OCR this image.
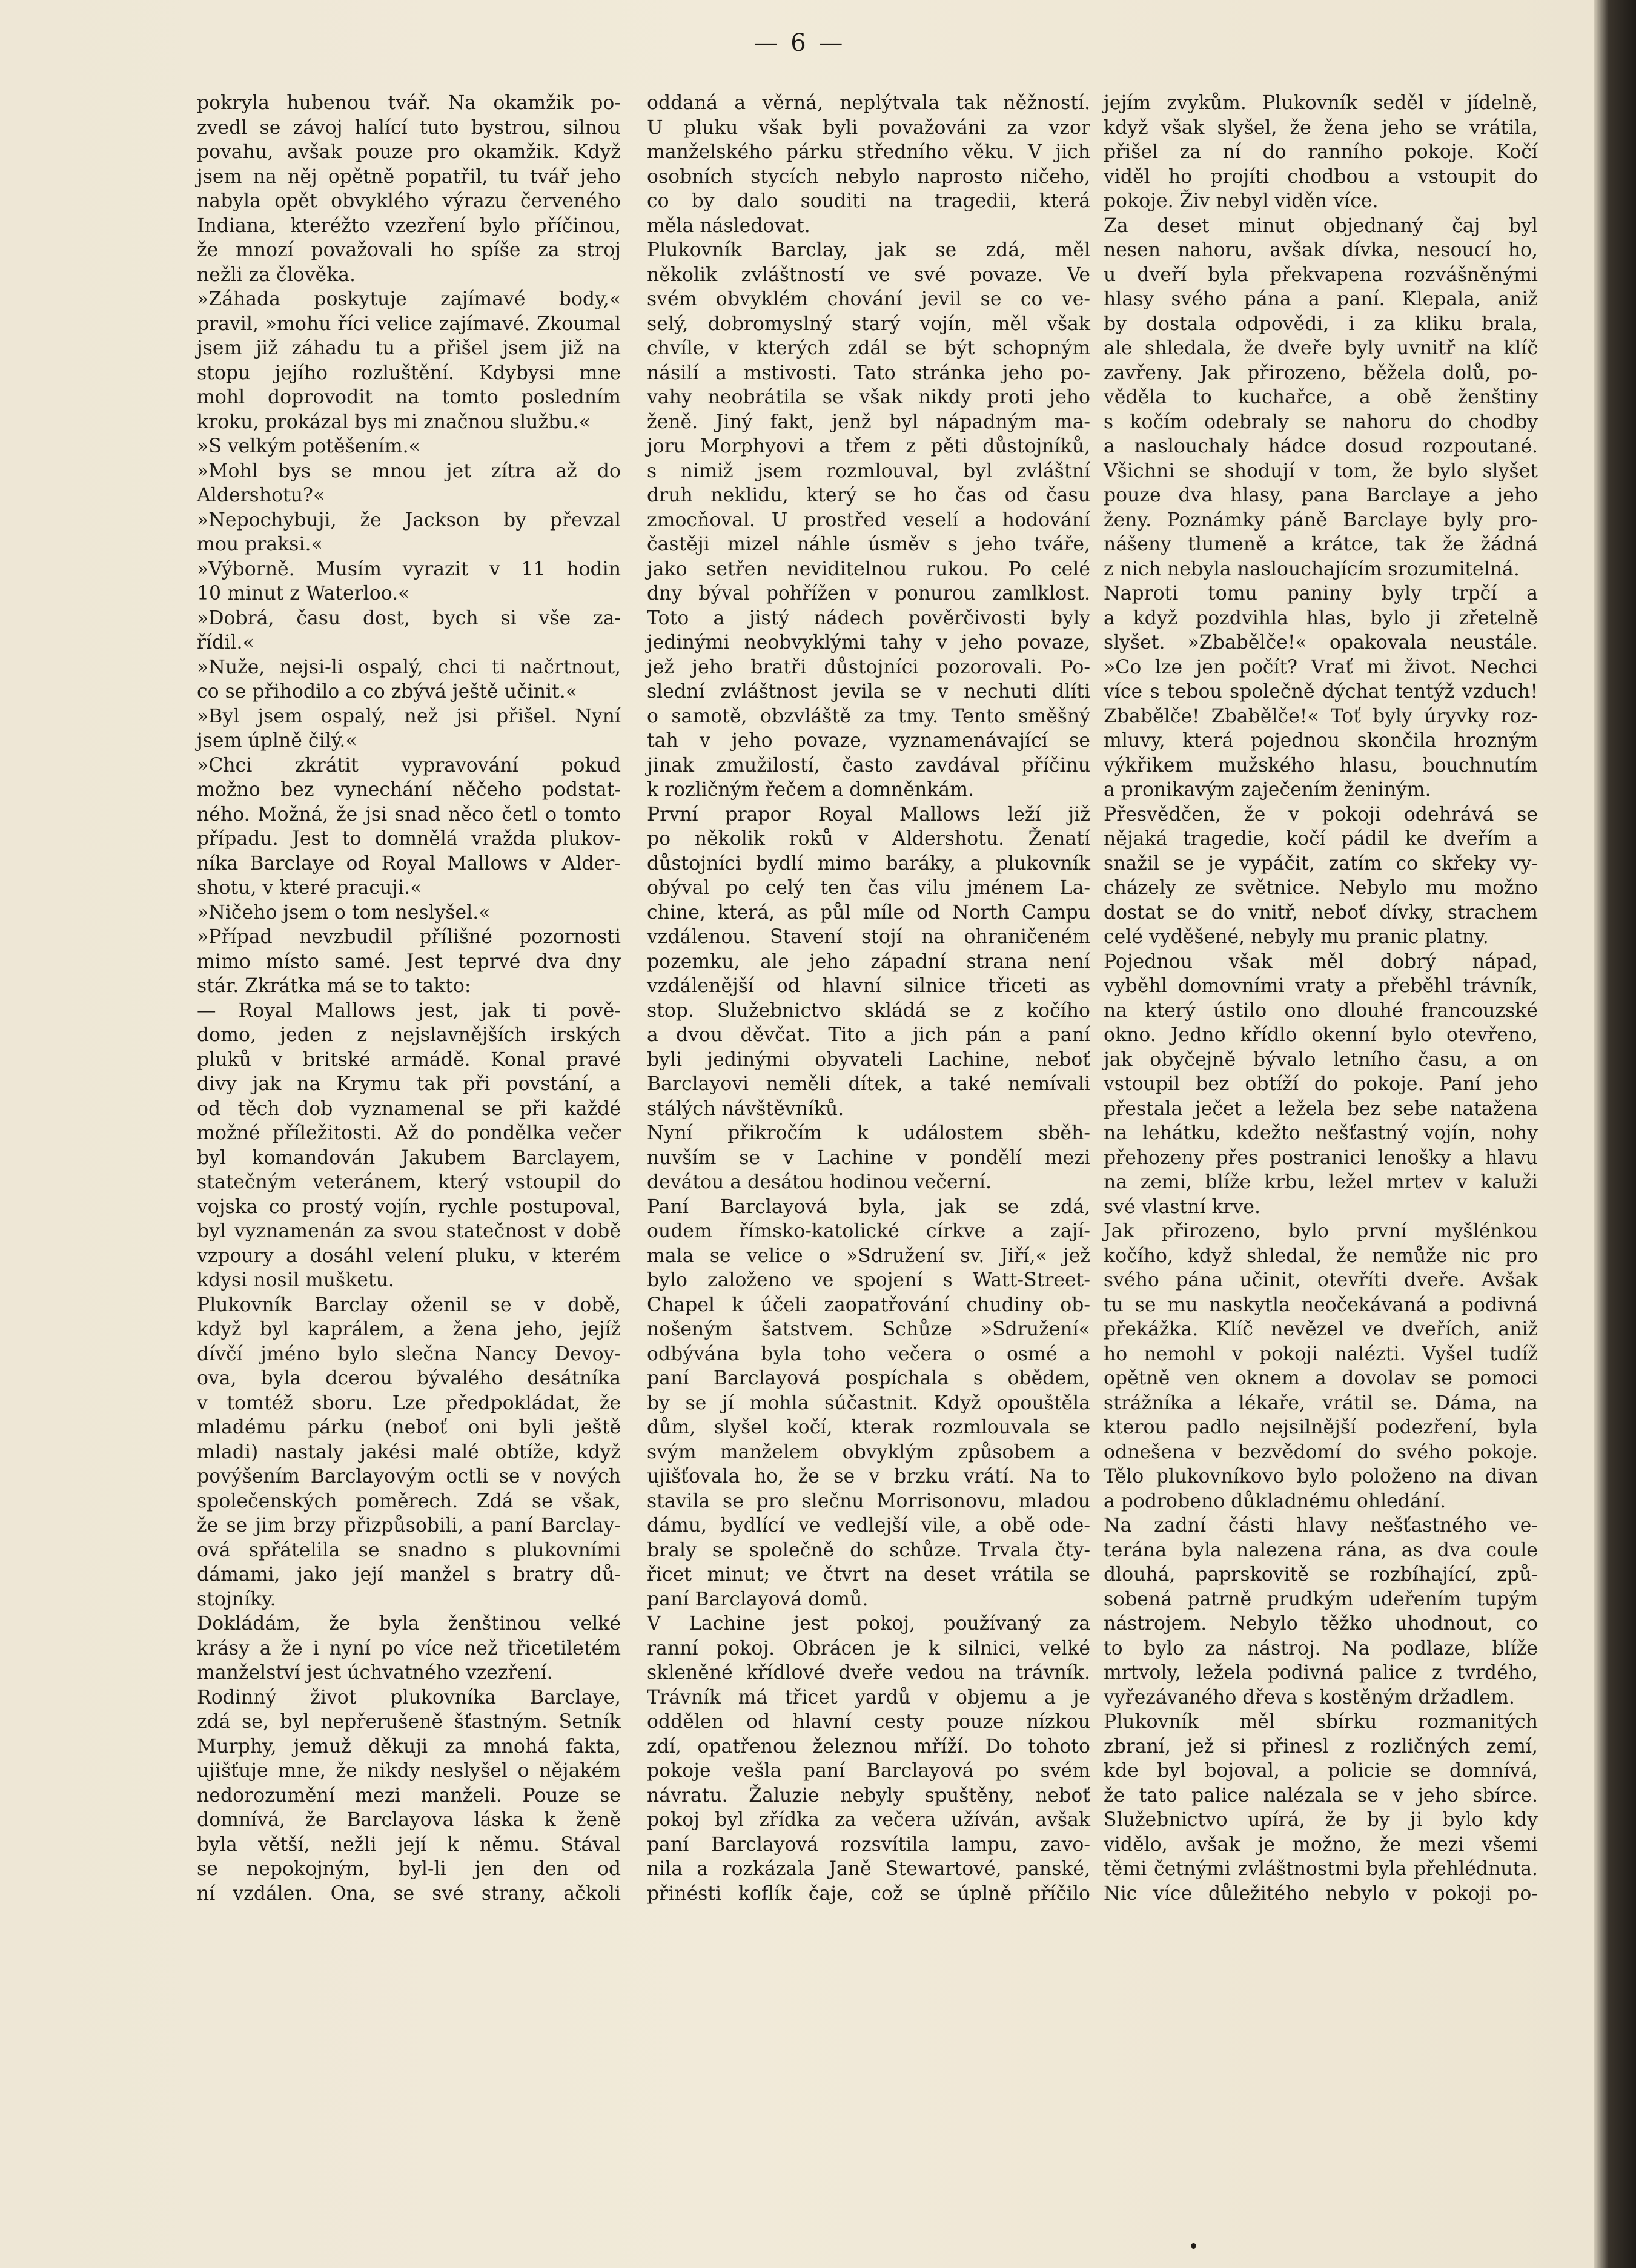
— 6 —
pokryla hubenou tvář. Na okamžik po-
zvedl se závoj halící tuto bystrou, silnou
povahu, avšak pouze pro okamžik. Když
jsem na něj opětně popatřil, tu tvář jeho
nabyla opět obvyklého výrazu červeného
Indiana, kteréžto vzezření bylo příčinou,
že mnozí považovali ho spíše za stroj
nežli za člověka.
»Záhada poskytuje zajímavé body,«
pravil, »mohu říci velice zajímavé. Zkoumal
jsem již záhadu tu a přišel jsem již na
stopu jejího rozluštění. Kdybysi mne
mohl doprovodit na tomto posledním
kroku, prokázal bys mi značnou službu.«
»S velkým potěšením.«
»Mohl bys se mnou jet zítra až do
Aldershotu?«
»Nepochybuji, že Jackson by převzal
mou praksi.«
»Výborně. Musím vyrazit v 11 hodin
10 minut z Waterloo.«
»Dobrá, času dost, bych si vše za-
řídil.«
»Nuže, nejsi-li ospalý, chci ti načrtnout,
co se přihodilo a co zbývá ještě učinit.«
»Byl jsem ospalý, než jsi přišel. Nyní
jsem úplně čilý.«
»Chci zkrátit vypravování pokud
možno bez vynechání něčeho podstat-
ného. Možná, že jsi snad něco četl o tomto
případu. Jest to domnělá vražda plukov-
níka Barclaye od Royal Mallows v Alder-
shotu, v které pracuji.«
»Ničeho jsem o tom neslyšel.«
»Případ nevzbudil přílišné pozornosti
mimo místo samé. Jest teprvé dva dny
stár. Zkrátka má se to takto:
— Royal Mallows jest, jak ti pově-
domo, jeden z nejslavnějších irských
pluků v britské armádě. Konal pravé
divy jak na Krymu tak při povstání, a
od těch dob vyznamenal se při každé
možné příležitosti. Až do pondělka večer
byl komandován Jakubem Barclayem,
statečným veteránem, který vstoupil do
vojska co prostý vojín, rychle postupoval,
byl vyznamenán za svou statečnost v době
vzpoury a dosáhl velení pluku, v kterém
kdysi nosil mušketu.
Plukovník Barclay oženil se v době,
když byl kaprálem, a žena jeho, jejíž
dívčí jméno bylo slečna Nancy Devoy-
ova, byla dcerou bývalého desátníka
v tomtéž sboru. Lze předpokládat, že
mladému párku (neboť oni byli ještě
mladi) nastaly jakési malé obtíže, když
povýšením Barclayovým octli se v nových
společenských poměrech. Zdá se však,
že se jim brzy přizpůsobili, a paní Barclay-
ová spřátelila se snadno s plukovními
dámami, jako její manžel s bratry dů-
stojníky.
Dokládám, že byla ženštinou velké
krásy a že i nyní po více než třicetiletém
manželství jest úchvatného vzezření.
Rodinný život plukovníka Barclaye,
zdá se, byl nepřerušeně šťastným. Setník
Murphy, jemuž děkuji za mnohá fakta,
ujišťuje mne, že nikdy neslyšel o nějakém
nedorozumění mezi manželi. Pouze se
domnívá, že Barclayova láska k ženě
byla větší, nežli její k němu. Stával
se nepokojným, byl-li jen den od
ní vzdálen. Ona, se své strany, ačkoli
oddaná a věrná, neplýtvala tak něžností.
U pluku však byli považováni za vzor
manželského párku středního věku. V jich
osobních stycích nebylo naprosto ničeho,
co by dalo souditi na tragedii, která
měla následovat.
Plukovník Barclay, jak se zdá, měl
několik zvláštností ve své povaze. Ve
svém obvyklém chování jevil se co ve-
selý, dobromyslný starý vojín, měl však
chvíle, v kterých zdál se být schopným
násilí a mstivosti. Tato stránka jeho po-
vahy neobrátila se však nikdy proti jeho
ženě. Jiný fakt, jenž byl nápadným ma-
joru Morphyovi a třem z pěti důstojníků,
s nimiž jsem rozmlouval, byl zvláštní
druh neklidu, který se ho čas od času
zmocňoval. U prostřed veselí a hodování
častěji mizel náhle úsměv s jeho tváře,
jako setřen neviditelnou rukou. Po celé
dny býval pohřížen v ponurou zamlklost.
Toto a jistý nádech pověrčivosti byly
jedinými neobvyklými tahy v jeho povaze,
jež jeho bratři důstojníci pozorovali. Po-
slední zvláštnost jevila se v nechuti dlíti
o samotě, obzvláště za tmy. Tento směšný
tah v jeho povaze, vyznamenávající se
jinak zmužilostí, často zavdával příčinu
k rozličným řečem a domněnkám.
První prapor Royal Mallows leží již
po několik roků v Aldershotu. Ženatí
důstojníci bydlí mimo baráky, a plukovník
obýval po celý ten čas vilu jménem La-
chine, která, as půl míle od North Campu
vzdálenou. Stavení stojí na ohraničeném
pozemku, ale jeho západní strana není
vzdálenější od hlavní silnice třiceti as
stop. Služebnictvo skládá se z kočího
a dvou děvčat. Tito a jich pán a paní
byli jedinými obyvateli Lachine, neboť
Barclayovi neměli dítek, a také nemívali
stálých návštěvníků.
Nyní přikročím k událostem sběh-
nuvším se v Lachine v pondělí mezi
devátou a desátou hodinou večerní.
Paní Barclayová byla, jak se zdá,
oudem římsko-katolické církve a zají-
mala se velice o »Sdružení sv. Jiří,« jež
bylo založeno ve spojení s Watt-Street-
Chapel k účeli zaopatřování chudiny ob-
nošeným šatstvem. Schůze »Sdružení«
odbývána byla toho večera o osmé a
paní Barclayová pospíchala s obědem,
by se jí mohla súčastnit. Když opouštěla
dům, slyšel kočí, kterak rozmlouvala se
svým manželem obvyklým způsobem a
ujišťovala ho, že se v brzku vrátí. Na to
stavila se pro slečnu Morrisonovu, mladou
dámu, bydlící ve vedlejší vile, a obě ode-
braly se společně do schůze. Trvala čty-
řicet minut; ve čtvrt na deset vrátila se
paní Barclayová domů.
V Lachine jest pokoj, používaný za
ranní pokoj. Obrácen je k silnici, velké
skleněné křídlové dveře vedou na trávník.
Trávník má třicet yardů v objemu a je
oddělen od hlavní cesty pouze nízkou
zdí, opatřenou železnou mříží. Do tohoto
pokoje vešla paní Barclayová po svém
návratu. Žaluzie nebyly spuštěny, neboť
pokoj byl zřídka za večera užíván, avšak
paní Barclayová rozsvítila lampu, zavo-
nila a rozkázala Janě Stewartové, panské,
přinésti koflík čaje, což se úplně příčilo
jejím zvykům. Plukovník seděl v jídelně,
když však slyšel, že žena jeho se vrátila,
přišel za ní do ranního pokoje. Kočí
viděl ho projíti chodbou a vstoupit do
pokoje. Živ nebyl viděn více.
Za deset minut objednaný čaj byl
nesen nahoru, avšak dívka, nesoucí ho,
u dveří byla překvapena rozvášněnými
hlasy svého pána a paní. Klepala, aniž
by dostala odpovědi, i za kliku brala,
ale shledala, že dveře byly uvnitř na klíč
zavřeny. Jak přirozeno, běžela dolů, po-
věděla to kuchařce, a obě ženštiny
s kočím odebraly se nahoru do chodby
a naslouchaly hádce dosud rozpoutané.
Všichni se shodují v tom, že bylo slyšet
pouze dva hlasy, pana Barclaye a jeho
ženy. Poznámky páně Barclaye byly pro-
nášeny tlumeně a krátce, tak že žádná
z nich nebyla naslouchajícím srozumitelná.
Naproti tomu paniny byly trpčí a
a když pozdvihla hlas, bylo ji zřetelně
slyšet. »Zbabělče!« opakovala neustále.
»Co lze jen počít? Vrať mi život. Nechci
více s tebou společně dýchat tentýž vzduch!
Zbabělče! Zbabělče!« Toť byly úryvky roz-
mluvy, která pojednou skončila hrozným
výkřikem mužského hlasu, bouchnutím
a pronikavým zaječením ženiným.
Přesvědčen, že v pokoji odehrává se
nějaká tragedie, kočí pádil ke dveřím a
snažil se je vypáčit, zatím co skřeky vy-
cházely ze světnice. Nebylo mu možno
dostat se do vnitř, neboť dívky, strachem
celé vyděšené, nebyly mu pranic platny.
Pojednou však měl dobrý nápad,
vyběhl domovními vraty a přeběhl trávník,
na který ústilo ono dlouhé francouzské
okno. Jedno křídlo okenní bylo otevřeno,
jak obyčejně bývalo letního času, a on
vstoupil bez obtíží do pokoje. Paní jeho
přestala ječet a ležela bez sebe natažena
na lehátku, kdežto nešťastný vojín, nohy
přehozeny přes postranici lenošky a hlavu
na zemi, blíže krbu, ležel mrtev v kaluži
své vlastní krve.
Jak přirozeno, bylo první myšlénkou
kočího, když shledal, že nemůže nic pro
svého pána učinit, otevříti dveře. Avšak
tu se mu naskytla neočekávaná a podivná
překážka. Klíč nevězel ve dveřích, aniž
ho nemohl v pokoji nalézti. Vyšel tudíž
opětně ven oknem a dovolav se pomoci
strážníka a lékaře, vrátil se. Dáma, na
kterou padlo nejsilnější podezření, byla
odnešena v bezvědomí do svého pokoje.
Tělo plukovníkovo bylo položeno na divan
a podrobeno důkladnému ohledání.
Na zadní části hlavy nešťastného ve-
terána byla nalezena rána, as dva coule
dlouhá, paprskovitě se rozbíhající, způ-
sobená patrně prudkým udeřením tupým
nástrojem. Nebylo těžko uhodnout, co
to bylo za nástroj. Na podlaze, blíže
mrtvoly, ležela podivná palice z tvrdého,
vyřezávaného dřeva s kostěným držadlem.
Plukovník měl sbírku rozmanitých
zbraní, jež si přinesl z rozličných zemí,
kde byl bojoval, a policie se domnívá,
že tato palice nalézala se v jeho sbírce.
Služebnictvo upírá, že by ji bylo kdy
vidělo, avšak je možno, že mezi všemi
těmi četnými zvláštnostmi byla přehlédnuta.
Nic více důležitého nebylo v pokoji po-
